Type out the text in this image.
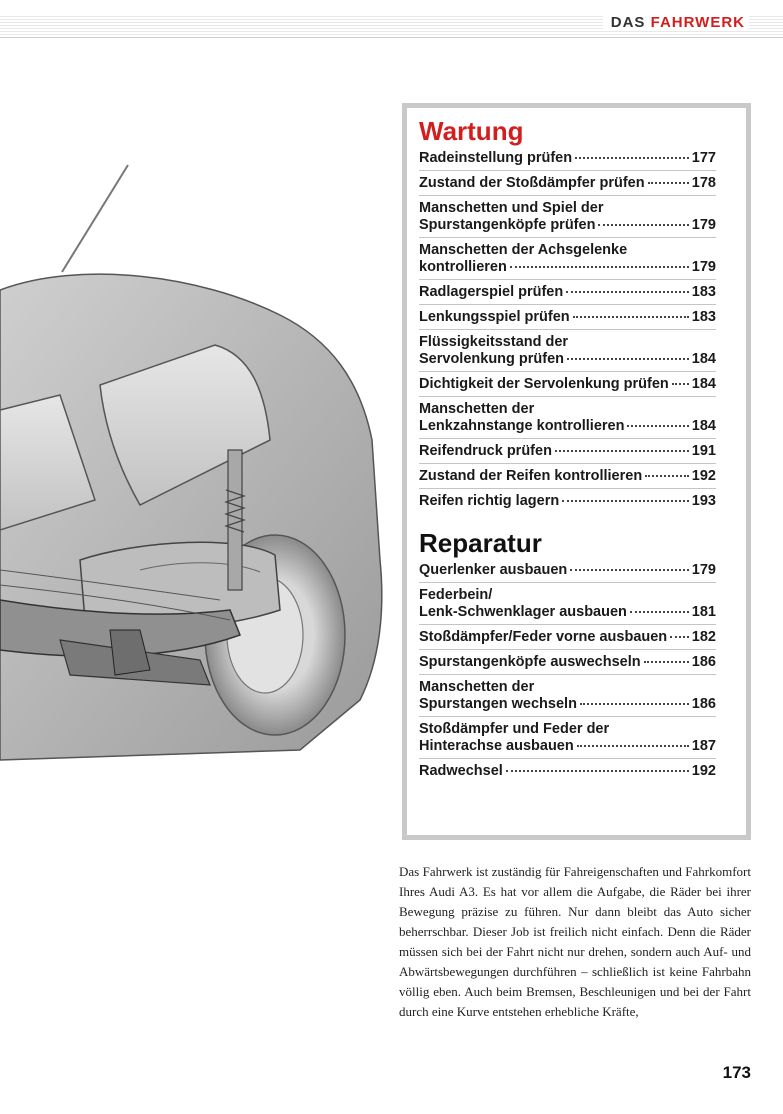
DAS FAHRWERK
Wartung
Radeinstellung prüfen	177
Zustand der Stoßdämpfer prüfen	178
Manschetten und Spiel der
Spurstangenköpfe prüfen	179
Manschetten der Achsgelenke
kontrollieren	179
Radlagerspiel prüfen	183
Lenkungsspiel prüfen	183
Flüssigkeitsstand der
Servolenkung prüfen	184
Dichtigkeit der Servolenkung prüfen 184
Manschetten der
Lenkzahnstange kontrollieren	184
Reifendruck prüfen	191
Zustand der Reifen kontrollieren	192
Reifen richtig lagern	193
Reparatur
Querlenker ausbauen	179
Federbein/
Lenk-Schwenklager ausbauen	181
Stoßdämpfer/Feder vorne ausbauen 182
Spurstangenköpfe auswechseln	186
Manschetten der
Spurstangen wechseln	186
Stoßdämpfer und Feder der
Hinterachse ausbauen	187
Radwechsel	192
Das Fahrwerk ist zuständig für Fahreigenschaften und Fahrkomfort Ihres Audi A3. Es hat vor allem die Aufgabe, die Räder bei ihrer Bewegung präzise zu führen. Nur dann bleibt das Auto sicher beherrschbar. Dieser Job ist freilich nicht einfach. Denn die Räder müssen sich bei der Fahrt nicht nur drehen, sondern auch Auf- und Abwärtsbewegungen durchführen – schließlich ist keine Fahrbahn völlig eben. Auch beim Bremsen, Beschleunigen und bei der Fahrt durch eine Kurve entstehen erhebliche Kräfte,
173
